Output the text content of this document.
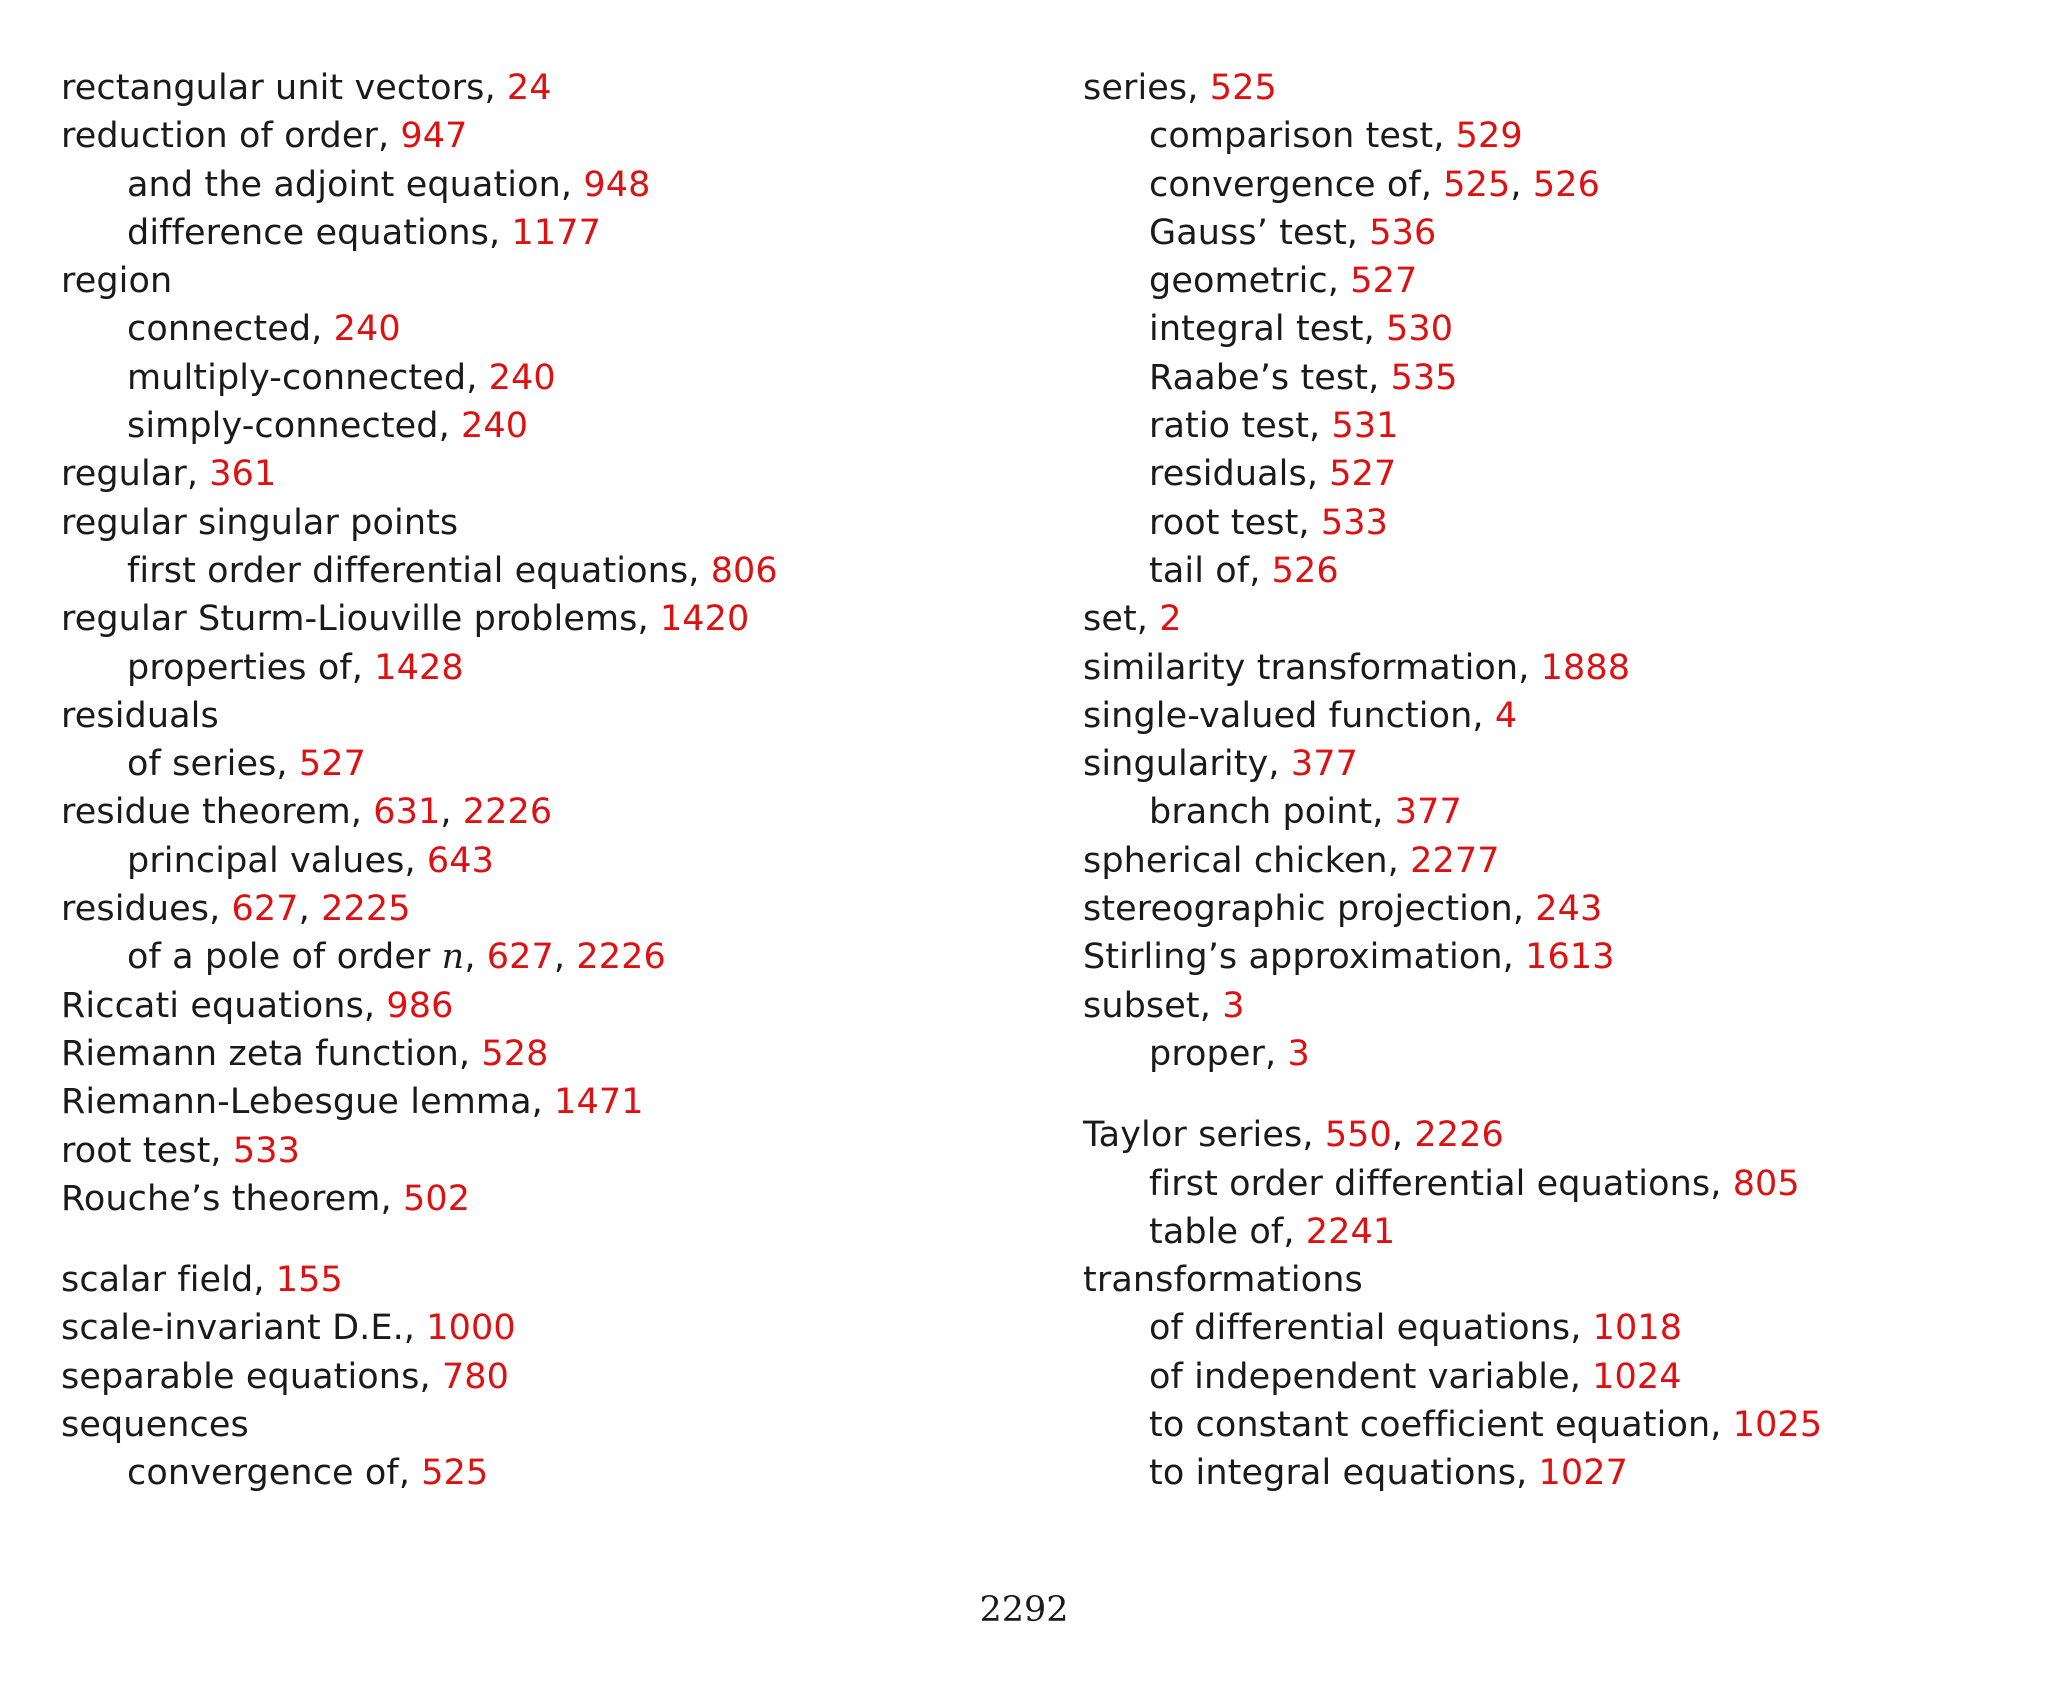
rectangular unit vectors, 24
reduction of order, 947
and the adjoint equation, 948
difference equations, 1177
region
connected, 240
multiply-connected, 240
simply-connected, 240
regular, 361
regular singular points
first order differential equations, 806
regular Sturm-Liouville problems, 1420
properties of, 1428
residuals
of series, 527
residue theorem, 631, 2226
principal values, 643
residues, 627, 2225
of a pole of order n, 627, 2226
Riccati equations, 986
Riemann zeta function, 528
Riemann-Lebesgue lemma, 1471
root test, 533
Rouche’s theorem, 502
scalar field, 155
scale-invariant D.E., 1000
separable equations, 780
sequences
convergence of, 525
series, 525
comparison test, 529
convergence of, 525, 526
Gauss’ test, 536
geometric, 527
integral test, 530
Raabe’s test, 535
ratio test, 531
residuals, 527
root test, 533
tail of, 526
set, 2
similarity transformation, 1888
single-valued function, 4
singularity, 377
branch point, 377
spherical chicken, 2277
stereographic projection, 243
Stirling’s approximation, 1613
subset, 3
proper, 3
Taylor series, 550, 2226
first order differential equations, 805
table of, 2241
transformations
of differential equations, 1018
of independent variable, 1024
to constant coefficient equation, 1025
to integral equations, 1027
2292
